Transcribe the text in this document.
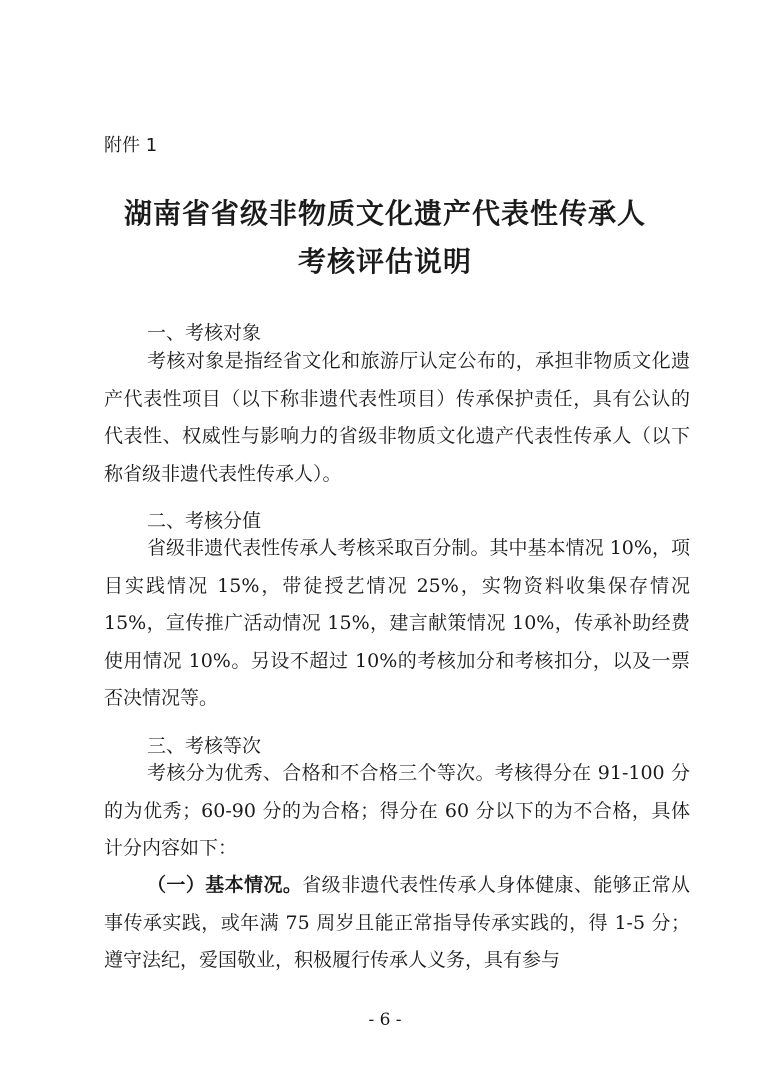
附件 1
湖南省省级非物质文化遗产代表性传承人
考核评估说明
一、考核对象
考核对象是指经省文化和旅游厅认定公布的，承担非物质文化遗产代表性项目（以下称非遗代表性项目）传承保护责任，具有公认的代表性、权威性与影响力的省级非物质文化遗产代表性传承人（以下称省级非遗代表性传承人）。
二、考核分值
省级非遗代表性传承人考核采取百分制。其中基本情况 10%，项目实践情况 15%，带徒授艺情况 25%，实物资料收集保存情况 15%，宣传推广活动情况 15%，建言献策情况 10%，传承补助经费使用情况 10%。另设不超过 10%的考核加分和考核扣分，以及一票否决情况等。
三、考核等次
考核分为优秀、合格和不合格三个等次。考核得分在 91-100 分的为优秀；60-90 分的为合格；得分在 60 分以下的为不合格，具体计分内容如下：
（一）基本情况。省级非遗代表性传承人身体健康、能够正常从事传承实践，或年满 75 周岁且能正常指导传承实践的，得 1-5 分；遵守法纪，爱国敬业，积极履行传承人义务，具有参与
- 6 -
